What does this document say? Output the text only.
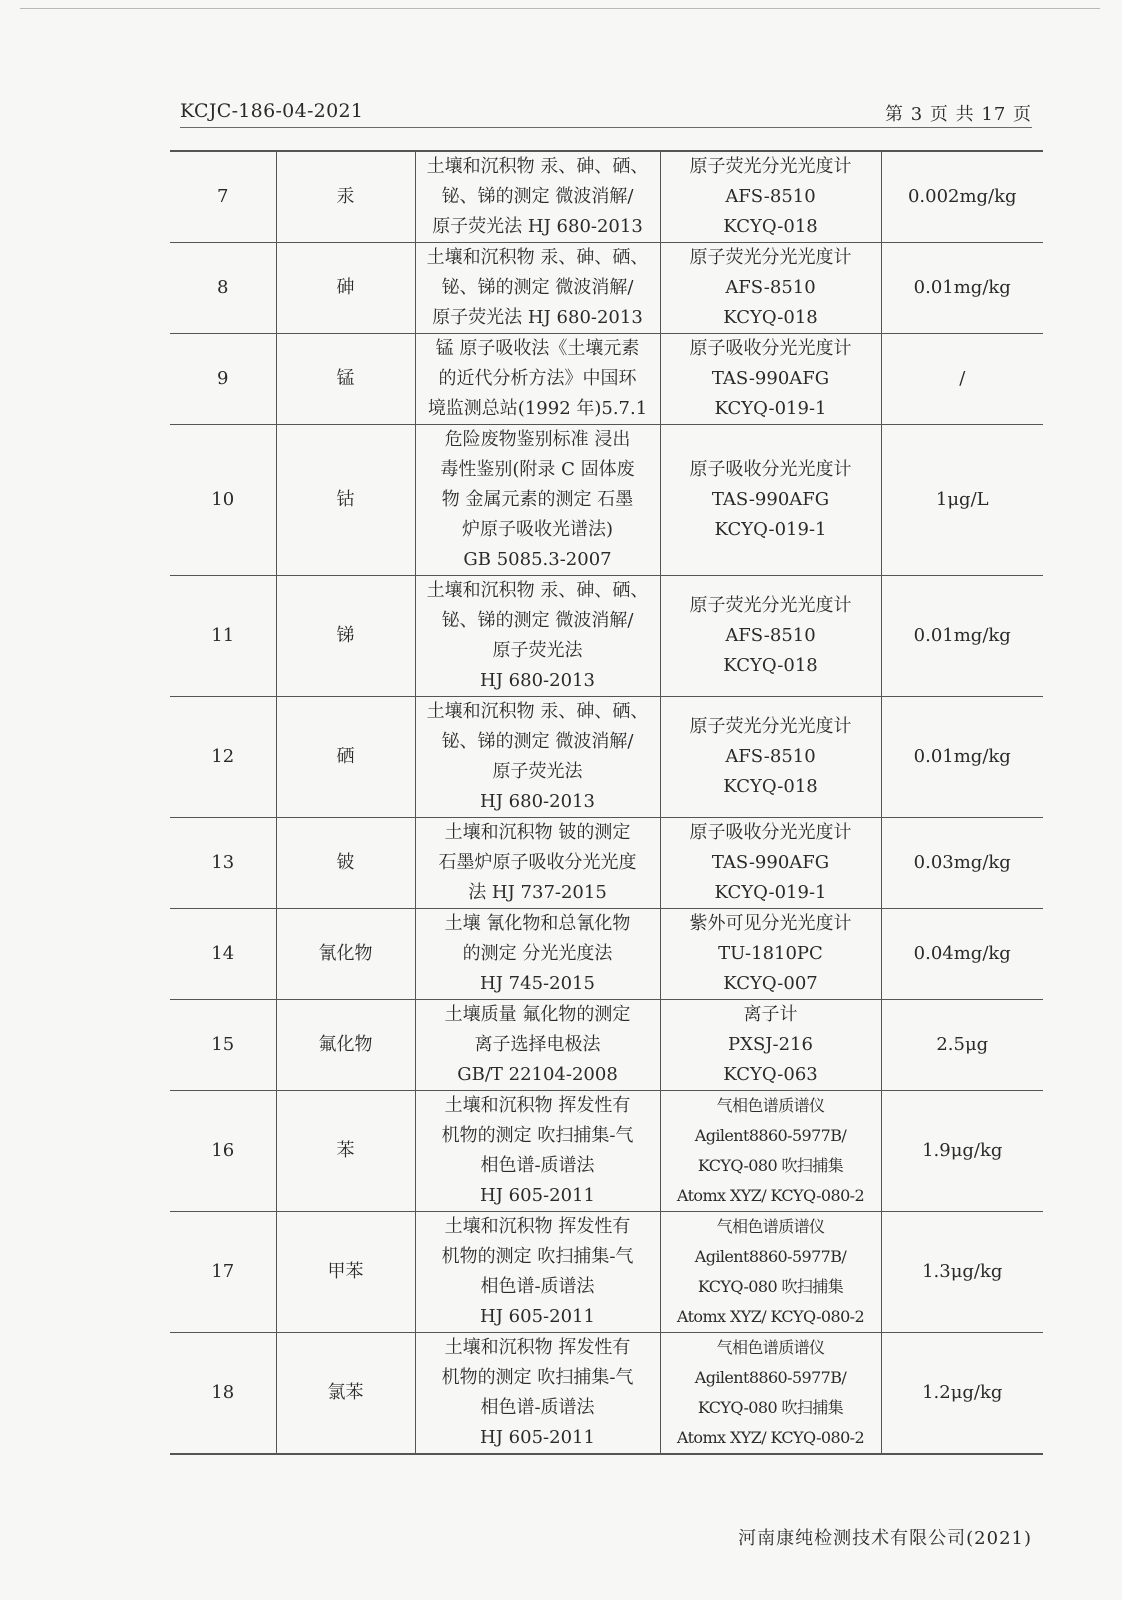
KCJC-186-04-2021	第 3 页 共 17 页
7	汞	土壤和沉积物 汞、砷、硒、
铋、锑的测定 微波消解/
原子荧光法 HJ 680-2013	原子荧光分光光度计
AFS-8510
KCYQ-018	0.002mg/kg
8	砷	土壤和沉积物 汞、砷、硒、
铋、锑的测定 微波消解/
原子荧光法 HJ 680-2013	原子荧光分光光度计
AFS-8510
KCYQ-018	0.01mg/kg
9	锰	锰 原子吸收法《土壤元素
的近代分析方法》中国环
境监测总站(1992 年)5.7.1	原子吸收分光光度计
TAS-990AFG
KCYQ-019-1	/
10	钴	危险废物鉴别标准 浸出
毒性鉴别(附录 C 固体废
物 金属元素的测定 石墨
炉原子吸收光谱法)
GB 5085.3-2007	原子吸收分光光度计
TAS-990AFG
KCYQ-019-1	1μg/L
11	锑	土壤和沉积物 汞、砷、硒、
铋、锑的测定 微波消解/
原子荧光法
HJ 680-2013	原子荧光分光光度计
AFS-8510
KCYQ-018	0.01mg/kg
12	硒	土壤和沉积物 汞、砷、硒、
铋、锑的测定 微波消解/
原子荧光法
HJ 680-2013	原子荧光分光光度计
AFS-8510
KCYQ-018	0.01mg/kg
13	铍	土壤和沉积物 铍的测定
石墨炉原子吸收分光光度
法 HJ 737-2015	原子吸收分光光度计
TAS-990AFG
KCYQ-019-1	0.03mg/kg
14	氰化物	土壤 氰化物和总氰化物
的测定 分光光度法
HJ 745-2015	紫外可见分光光度计
TU-1810PC
KCYQ-007	0.04mg/kg
15	氟化物	土壤质量 氟化物的测定
离子选择电极法
GB/T 22104-2008	离子计
PXSJ-216
KCYQ-063	2.5μg
16	苯	土壤和沉积物 挥发性有
机物的测定 吹扫捕集-气
相色谱-质谱法
HJ 605-2011	气相色谱质谱仪
Agilent8860-5977B/
KCYQ-080 吹扫捕集
Atomx XYZ/ KCYQ-080-2	1.9μg/kg
17	甲苯	土壤和沉积物 挥发性有
机物的测定 吹扫捕集-气
相色谱-质谱法
HJ 605-2011	气相色谱质谱仪
Agilent8860-5977B/
KCYQ-080 吹扫捕集
Atomx XYZ/ KCYQ-080-2	1.3μg/kg
18	氯苯	土壤和沉积物 挥发性有
机物的测定 吹扫捕集-气
相色谱-质谱法
HJ 605-2011	气相色谱质谱仪
Agilent8860-5977B/
KCYQ-080 吹扫捕集
Atomx XYZ/ KCYQ-080-2	1.2μg/kg
河南康纯检测技术有限公司(2021)
